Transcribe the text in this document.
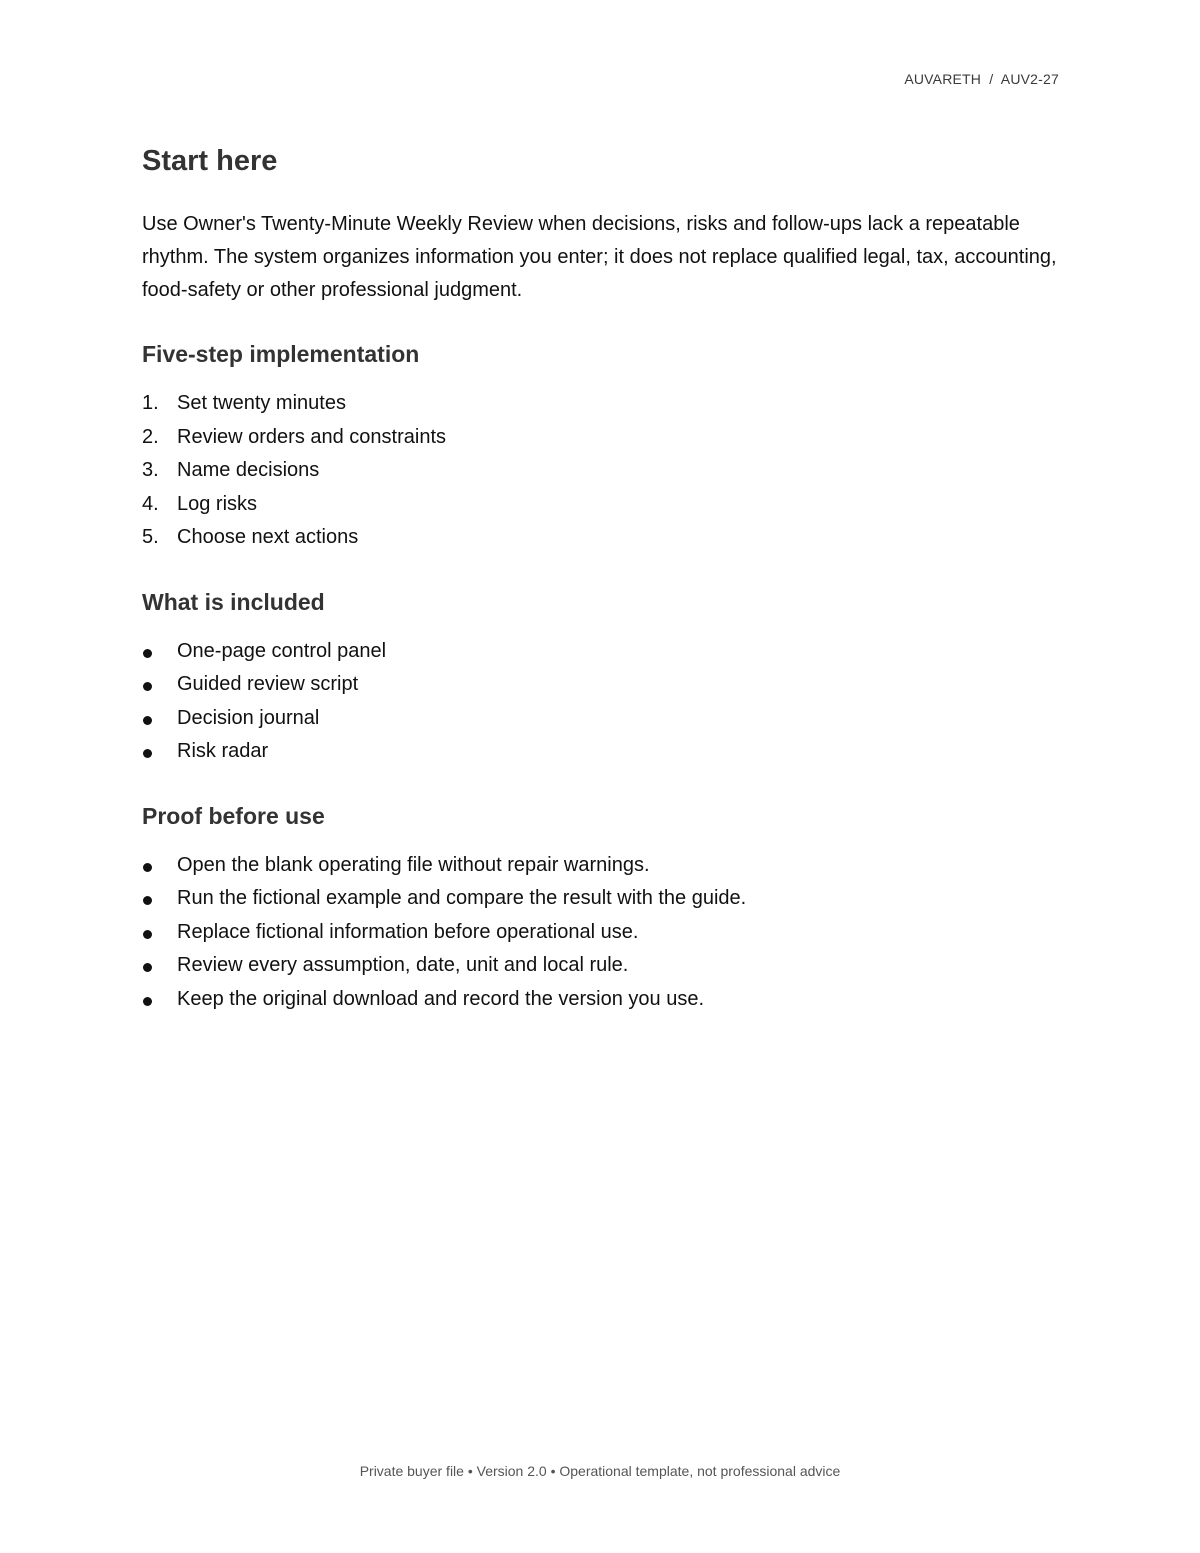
AUVARETH  /  AUV2-27
Start here

Use Owner's Twenty-Minute Weekly Review when decisions, risks and follow-ups lack a repeatable rhythm. The system organizes information you enter; it does not replace qualified legal, tax, accounting, food-safety or other professional judgment.

Five-step implementation
1. Set twenty minutes
2. Review orders and constraints
3. Name decisions
4. Log risks
5. Choose next actions
What is included
One-page control panel
Guided review script
Decision journal
Risk radar
Proof before use
Open the blank operating file without repair warnings.
Run the fictional example and compare the result with the guide.
Replace fictional information before operational use.
Review every assumption, date, unit and local rule.
Keep the original download and record the version you use.
Private buyer file • Version 2.0 • Operational template, not professional advice
